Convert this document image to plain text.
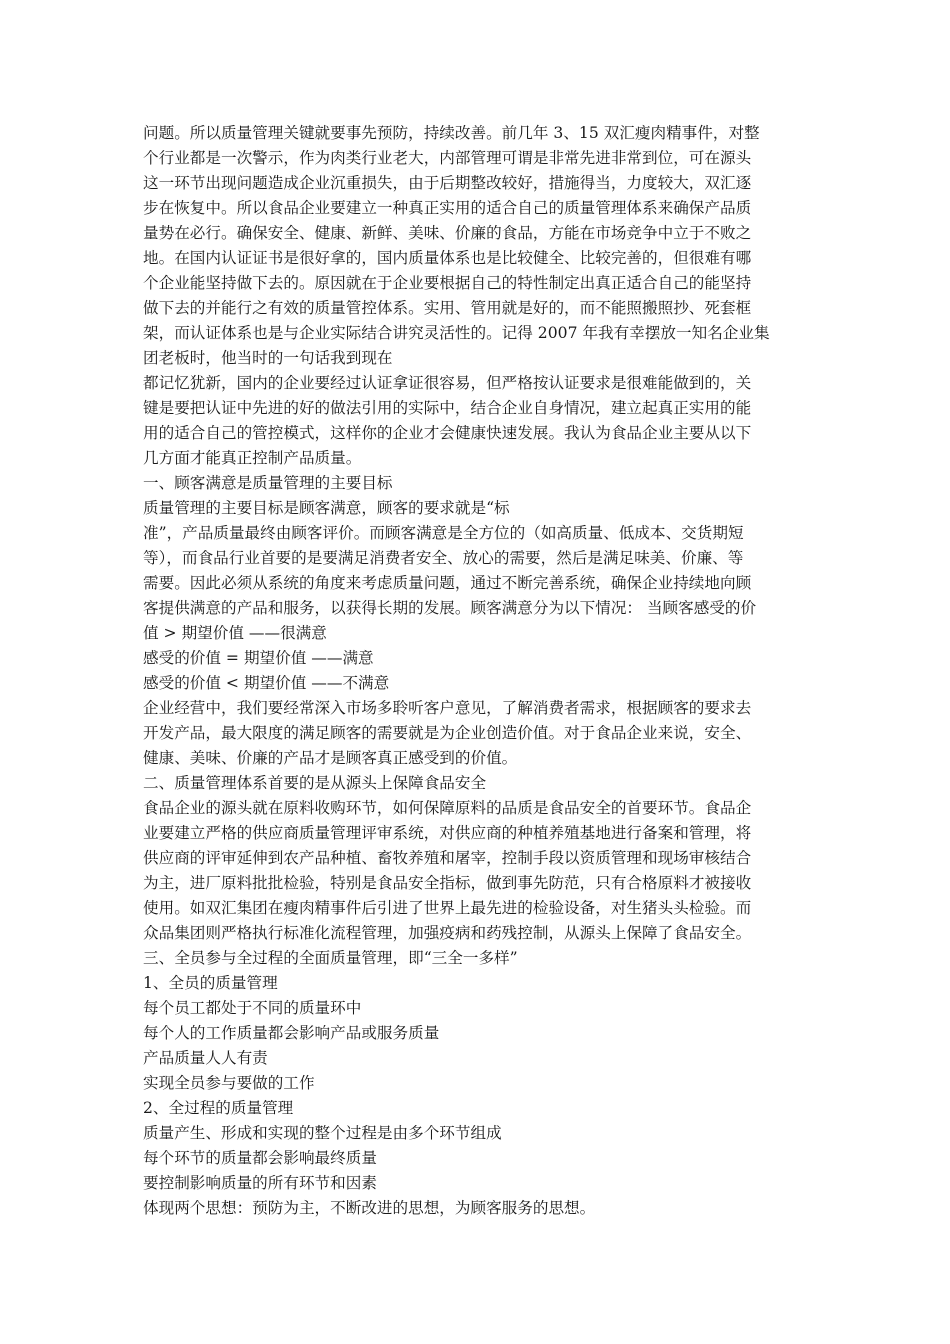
问题。所以质量管理关键就要事先预防，持续改善。前几年 3、15 双汇瘦肉精事件，对整
个行业都是一次警示，作为肉类行业老大，内部管理可谓是非常先进非常到位，可在源头
这一环节出现问题造成企业沉重损失，由于后期整改较好，措施得当，力度较大，双汇逐
步在恢复中。所以食品企业要建立一种真正实用的适合自己的质量管理体系来确保产品质
量势在必行。确保安全、健康、新鲜、美味、价廉的食品，方能在市场竞争中立于不败之
地。在国内认证证书是很好拿的，国内质量体系也是比较健全、比较完善的，但很难有哪
个企业能坚持做下去的。原因就在于企业要根据自己的特性制定出真正适合自己的能坚持
做下去的并能行之有效的质量管控体系。实用、管用就是好的，而不能照搬照抄、死套框
架，而认证体系也是与企业实际结合讲究灵活性的。记得 2007 年我有幸摆放一知名企业集
团老板时，他当时的一句话我到现在
都记忆犹新，国内的企业要经过认证拿证很容易，但严格按认证要求是很难能做到的，关
键是要把认证中先进的好的做法引用的实际中，结合企业自身情况，建立起真正实用的能
用的适合自己的管控模式，这样你的企业才会健康快速发展。我认为食品企业主要从以下
几方面才能真正控制产品质量。
一、顾客满意是质量管理的主要目标
质量管理的主要目标是顾客满意，顾客的要求就是“标
准”，产品质量最终由顾客评价。而顾客满意是全方位的（如高质量、低成本、交货期短
等），而食品行业首要的是要满足消费者安全、放心的需要，然后是满足味美、价廉、等
需要。因此必须从系统的角度来考虑质量问题，通过不断完善系统，确保企业持续地向顾
客提供满意的产品和服务，以获得长期的发展。顾客满意分为以下情况： 当顾客感受的价
值 > 期望价值 ——很满意
感受的价值 = 期望价值 ——满意
感受的价值 < 期望价值 ——不满意
企业经营中，我们要经常深入市场多聆听客户意见，了解消费者需求，根据顾客的要求去
开发产品，最大限度的满足顾客的需要就是为企业创造价值。对于食品企业来说，安全、
健康、美味、价廉的产品才是顾客真正感受到的价值。
二、质量管理体系首要的是从源头上保障食品安全
食品企业的源头就在原料收购环节，如何保障原料的品质是食品安全的首要环节。食品企
业要建立严格的供应商质量管理评审系统，对供应商的种植养殖基地进行备案和管理，将
供应商的评审延伸到农产品种植、畜牧养殖和屠宰，控制手段以资质管理和现场审核结合
为主，进厂原料批批检验，特别是食品安全指标，做到事先防范，只有合格原料才被接收
使用。如双汇集团在瘦肉精事件后引进了世界上最先进的检验设备，对生猪头头检验。而
众品集团则严格执行标准化流程管理，加强疫病和药残控制，从源头上保障了食品安全。
三、全员参与全过程的全面质量管理，即“三全一多样”
1、全员的质量管理
每个员工都处于不同的质量环中
每个人的工作质量都会影响产品或服务质量
产品质量人人有责
实现全员参与要做的工作
2、全过程的质量管理
质量产生、形成和实现的整个过程是由多个环节组成
每个环节的质量都会影响最终质量
要控制影响质量的所有环节和因素
体现两个思想：预防为主，不断改进的思想，为顾客服务的思想。
